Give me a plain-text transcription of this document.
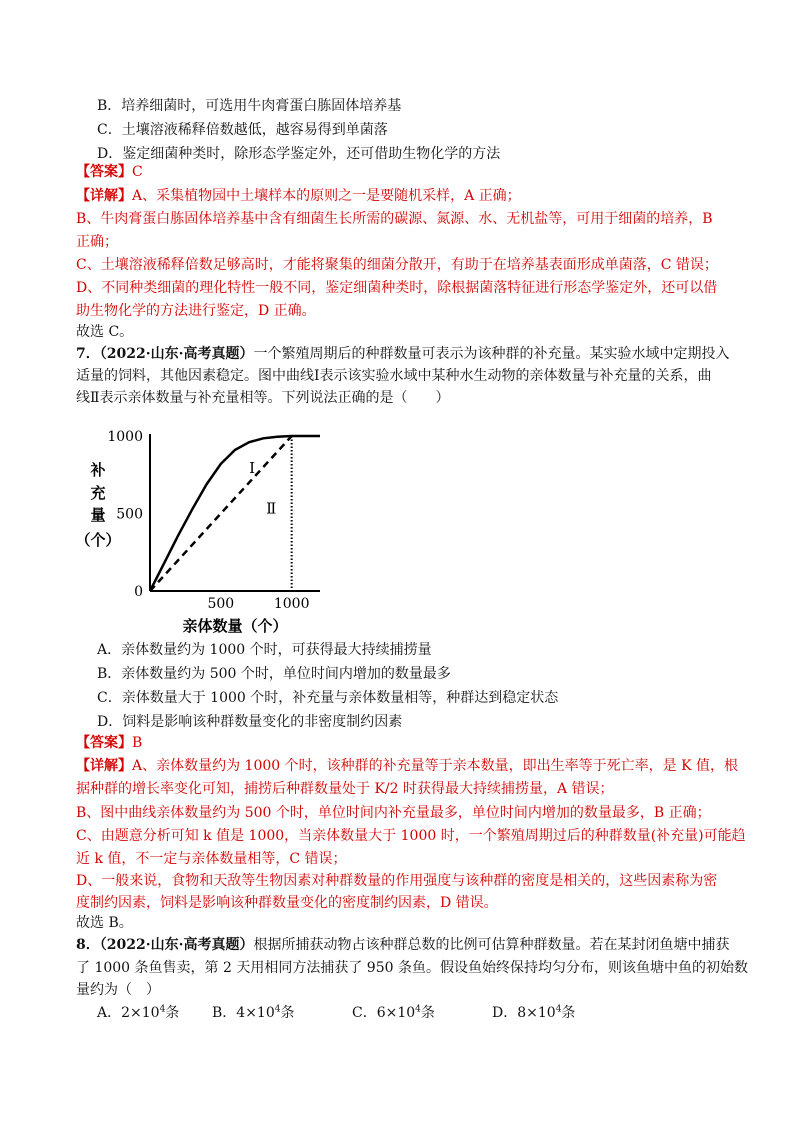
B．培养细菌时，可选用牛肉膏蛋白胨固体培养基
C．土壤溶液稀释倍数越低，越容易得到单菌落
D．鉴定细菌种类时，除形态学鉴定外，还可借助生物化学的方法
【答案】C
【详解】A、采集植物园中土壤样本的原则之一是要随机采样，A 正确；
B、牛肉膏蛋白胨固体培养基中含有细菌生长所需的碳源、氮源、水、无机盐等，可用于细菌的培养，B
正确；
C、土壤溶液稀释倍数足够高时，才能将聚集的细菌分散开，有助于在培养基表面形成单菌落，C 错误；
D、不同种类细菌的理化特性一般不同，鉴定细菌种类时，除根据菌落特征进行形态学鉴定外，还可以借
助生物化学的方法进行鉴定，D 正确。
故选 C。
7．（2022·山东·高考真题）一个繁殖周期后的种群数量可表示为该种群的补充量。某实验水域中定期投入
适量的饲料，其他因素稳定。图中曲线Ⅰ表示该实验水域中某种水生动物的亲体数量与补充量的关系，曲
线Ⅱ表示亲体数量与补充量相等。下列说法正确的是（　　）
1000
500
0
500	1000
Ⅰ
Ⅱ
补
充
量
（个）
亲体数量（个）
A．亲体数量约为 1000 个时，可获得最大持续捕捞量
B．亲体数量约为 500 个时，单位时间内增加的数量最多
C．亲体数量大于 1000 个时，补充量与亲体数量相等，种群达到稳定状态
D．饲料是影响该种群数量变化的非密度制约因素
【答案】B
【详解】A、亲体数量约为 1000 个时，该种群的补充量等于亲本数量，即出生率等于死亡率，是 K 值，根
据种群的增长率变化可知，捕捞后种群数量处于 K/2 时获得最大持续捕捞量，A 错误；
B、图中曲线亲体数量约为 500 个时，单位时间内补充量最多，单位时间内增加的数量最多，B 正确；
C、由题意分析可知 k 值是 1000，当亲体数量大于 1000 时，一个繁殖周期过后的种群数量(补充量)可能趋
近 k 值，不一定与亲体数量相等，C 错误；
D、一般来说，食物和天敌等生物因素对种群数量的作用强度与该种群的密度是相关的，这些因素称为密
度制约因素，饲料是影响该种群数量变化的密度制约因素，D 错误。
故选 B。
8．（2022·山东·高考真题）根据所捕获动物占该种群总数的比例可估算种群数量。若在某封闭鱼塘中捕获
了 1000 条鱼售卖，第 2 天用相同方法捕获了 950 条鱼。假设鱼始终保持均匀分布，则该鱼塘中鱼的初始数
量约为（　）
A．$2\times 10^4$条 B．$4\times 10^4$条	C．$6\times 10^4$条	D．$8\times 10^4$条
